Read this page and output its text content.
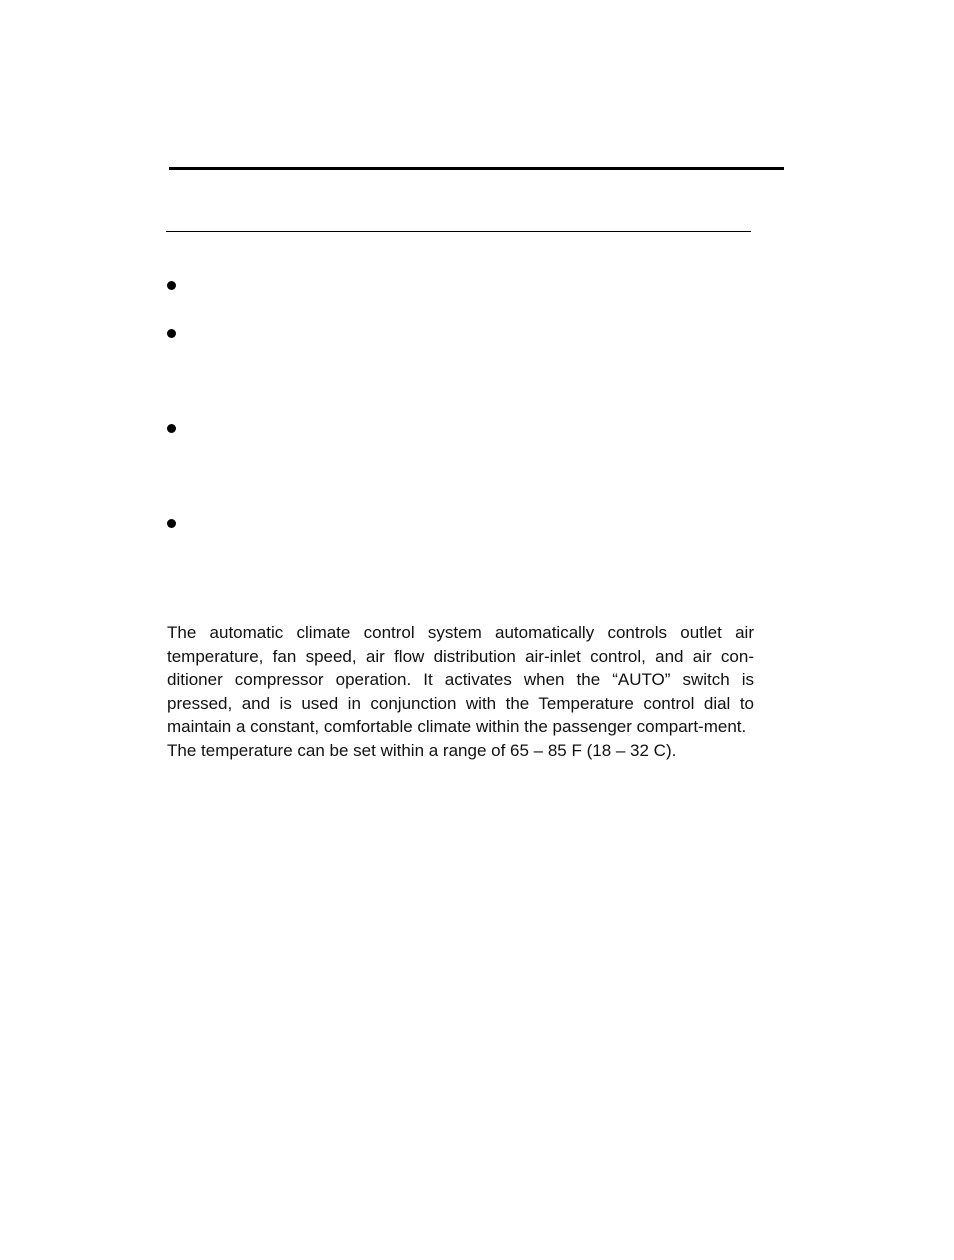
The automatic climate control system automatically controls outlet air temperature, fan speed, air flow distribution air-inlet control, and air con-ditioner compressor operation. It activates when the “AUTO” switch is pressed, and is used in conjunction with the Temperature control dial to maintain a constant, comfortable climate within the passenger compart-ment.

The temperature can be set within a range of 65 – 85 F (18 – 32 C).
